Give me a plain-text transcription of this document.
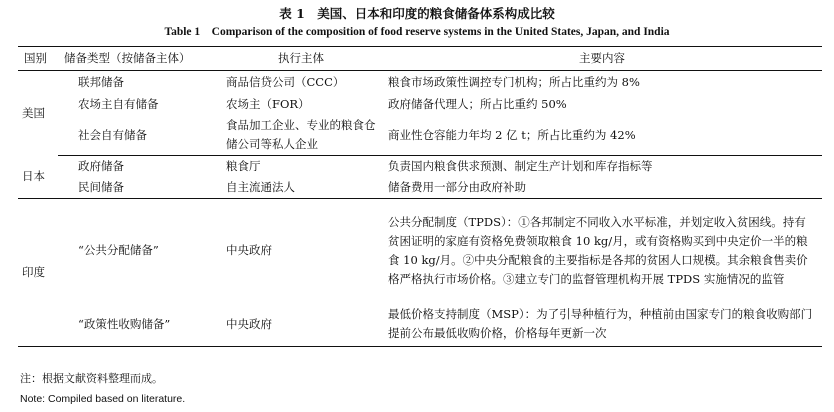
表 1　美国、日本和印度的粮食储备体系构成比较
Table 1　Comparison of the composition of food reserve systems in the United States, Japan, and India
国别	储备类型（按储备主体）	执行主体	主要内容
美国	联邦储备	商品信贷公司（CCC）	粮食市场政策性调控专门机构；所占比重约为 8%
	农场主自有储备	农场主（FOR）	政府储备代理人；所占比重约 50%
	社会自有储备	食品加工企业、专业的粮食仓储公司等私人企业	商业性仓容能力年均 2 亿 t；所占比重约为 42%
日本	政府储备	粮食厅	负责国内粮食供求预测、制定生产计划和库存指标等
	民间储备	自主流通法人	储备费用一部分由政府补助
印度	“公共分配储备”	中央政府	公共分配制度（TPDS）：①各邦制定不同收入水平标准，并划定收入贫困线。持有贫困证明的家庭有资格免费领取粮食 10 kg/月，或有资格购买到中央定价一半的粮食 10 kg/月。②中央分配粮食的主要指标是各邦的贫困人口规模。其余粮食售卖价格严格执行市场价格。③建立专门的监督管理机构开展 TPDS 实施情况的监管
	“政策性收购储备”	中央政府	最低价格支持制度（MSP）：为了引导种植行为，种植前由国家专门的粮食收购部门提前公布最低收购价格，价格每年更新一次
注：根据文献资料整理而成。
Note: Compiled based on literature.
